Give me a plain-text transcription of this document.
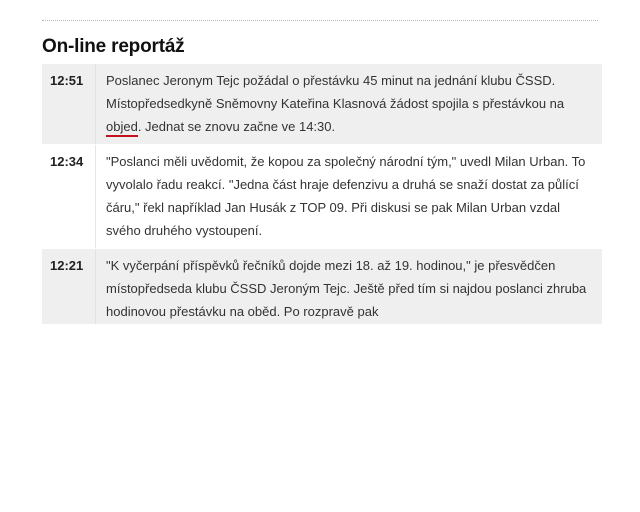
On-line reportáž
12:51	Poslanec Jeronym Tejc požádal o přestávku 45 minut na jednání klubu ČSSD. Místopředsedkyně Sněmovny Kateřina Klasnová žádost spojila s přestávkou na objed. Jednat se znovu začne ve 14:30.
12:34	"Poslanci měli uvědomit, že kopou za společný národní tým," uvedl Milan Urban. To vyvolalo řadu reakcí. "Jedna část hraje defenzivu a druhá se snaží dostat za půlící čáru," řekl například Jan Husák z TOP 09. Při diskusi se pak Milan Urban vzdal svého druhého vystoupení.
12:21	"K vyčerpání příspěvků řečníků dojde mezi 18. až 19. hodinou," je přesvědčen místopředseda klubu ČSSD Jeroným Tejc. Ještě před tím si najdou poslanci zhruba hodinovou přestávku na oběd. Po rozpravě pak
